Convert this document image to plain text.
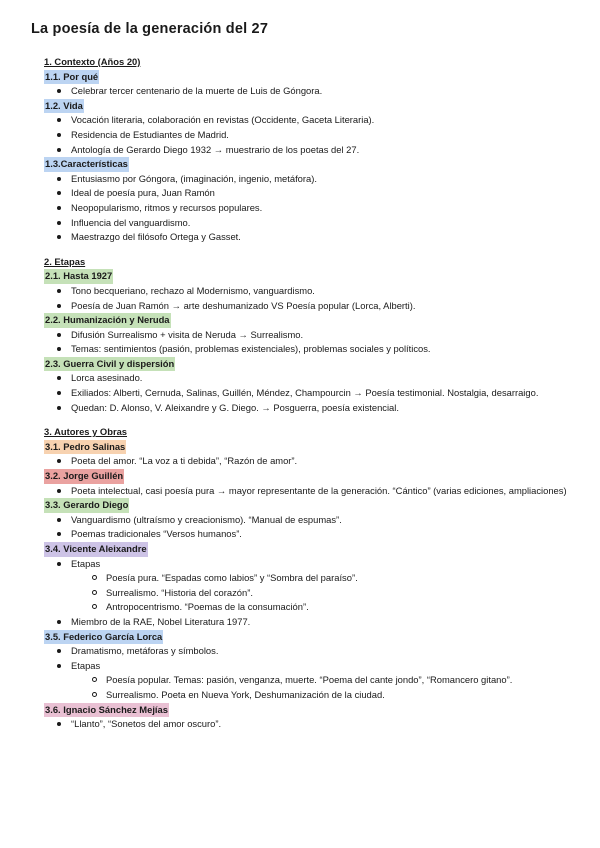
La poesía de la generación del 27
1. Contexto (Años 20)
1.1. Por qué
Celebrar tercer centenario de la muerte de Luis de Góngora.
1.2. Vida
Vocación literaria, colaboración en revistas (Occidente, Gaceta Literaria).
Residencia de Estudiantes de Madrid.
Antología de Gerardo Diego 1932 → muestrario de los poetas del 27.
1.3.Características
Entusiasmo por Góngora, (imaginación, ingenio, metáfora).
Ideal de poesía pura, Juan Ramón
Neopopularismo, ritmos y recursos populares.
Influencia del vanguardismo.
Maestrazgo del filósofo Ortega y Gasset.
2. Etapas
2.1. Hasta 1927
Tono becqueriano, rechazo al Modernismo, vanguardismo.
Poesía de Juan Ramón → arte deshumanizado VS Poesía popular (Lorca, Alberti).
2.2. Humanización y Neruda
Difusión Surrealismo + visita de Neruda → Surrealismo.
Temas: sentimientos (pasión, problemas existenciales), problemas sociales y políticos.
2.3. Guerra Civil y dispersión
Lorca asesinado.
Exiliados: Alberti, Cernuda, Salinas, Guillén, Méndez, Champourcin → Poesía testimonial. Nostalgia, desarraigo.
Quedan: D. Alonso, V. Aleixandre y G. Diego. → Posguerra, poesía existencial.
3. Autores y Obras
3.1. Pedro Salinas
Poeta del amor. “La voz a ti debida”, “Razón de amor”.
3.2. Jorge Guillén
Poeta intelectual, casi poesía pura → mayor representante de la generación. “Cántico” (varias ediciones, ampliaciones)
3.3. Gerardo Diego
Vanguardismo (ultraísmo y creacionismo). “Manual de espumas”.
Poemas tradicionales “Versos humanos”.
3.4. Vicente Aleixandre
Etapas
Poesía pura. “Espadas como labios” y “Sombra del paraíso”.
Surrealismo. “Historia del corazón”.
Antropocentrismo. “Poemas de la consumación”.
Miembro de la RAE, Nobel Literatura 1977.
3.5. Federico García Lorca
Dramatismo, metáforas y símbolos.
Etapas
Poesía popular. Temas: pasión, venganza, muerte. “Poema del cante jondo”, “Romancero gitano”.
Surrealismo. Poeta en Nueva York, Deshumanización de la ciudad.
3.6. Ignacio Sánchez Mejías
“Llanto”, “Sonetos del amor oscuro”.
